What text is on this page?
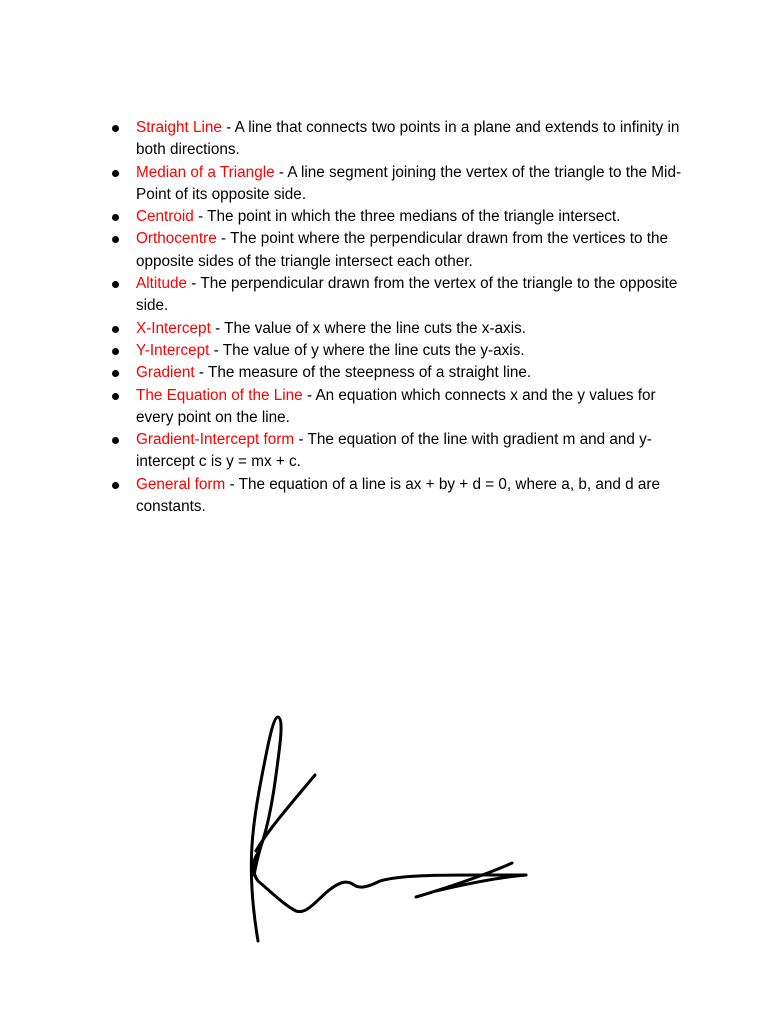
Straight Line - A line that connects two points in a plane and extends to infinity in both directions.
Median of a Triangle - A line segment joining the vertex of the triangle to the Mid-Point of its opposite side.
Centroid - The point in which the three medians of the triangle intersect.
Orthocentre - The point where the perpendicular drawn from the vertices to the opposite sides of the triangle intersect each other.
Altitude - The perpendicular drawn from the vertex of the triangle to the opposite side.
X-Intercept - The value of x where the line cuts the x-axis.
Y-Intercept - The value of y where the line cuts the y-axis.
Gradient - The measure of the steepness of a straight line.
The Equation of the Line - An equation which connects x and the y values for every point on the line.
Gradient-Intercept form - The equation of the line with gradient m and and y-intercept c is y = mx + c.
General form - The equation of a line is ax + by + d = 0, where a, b, and d are constants.
